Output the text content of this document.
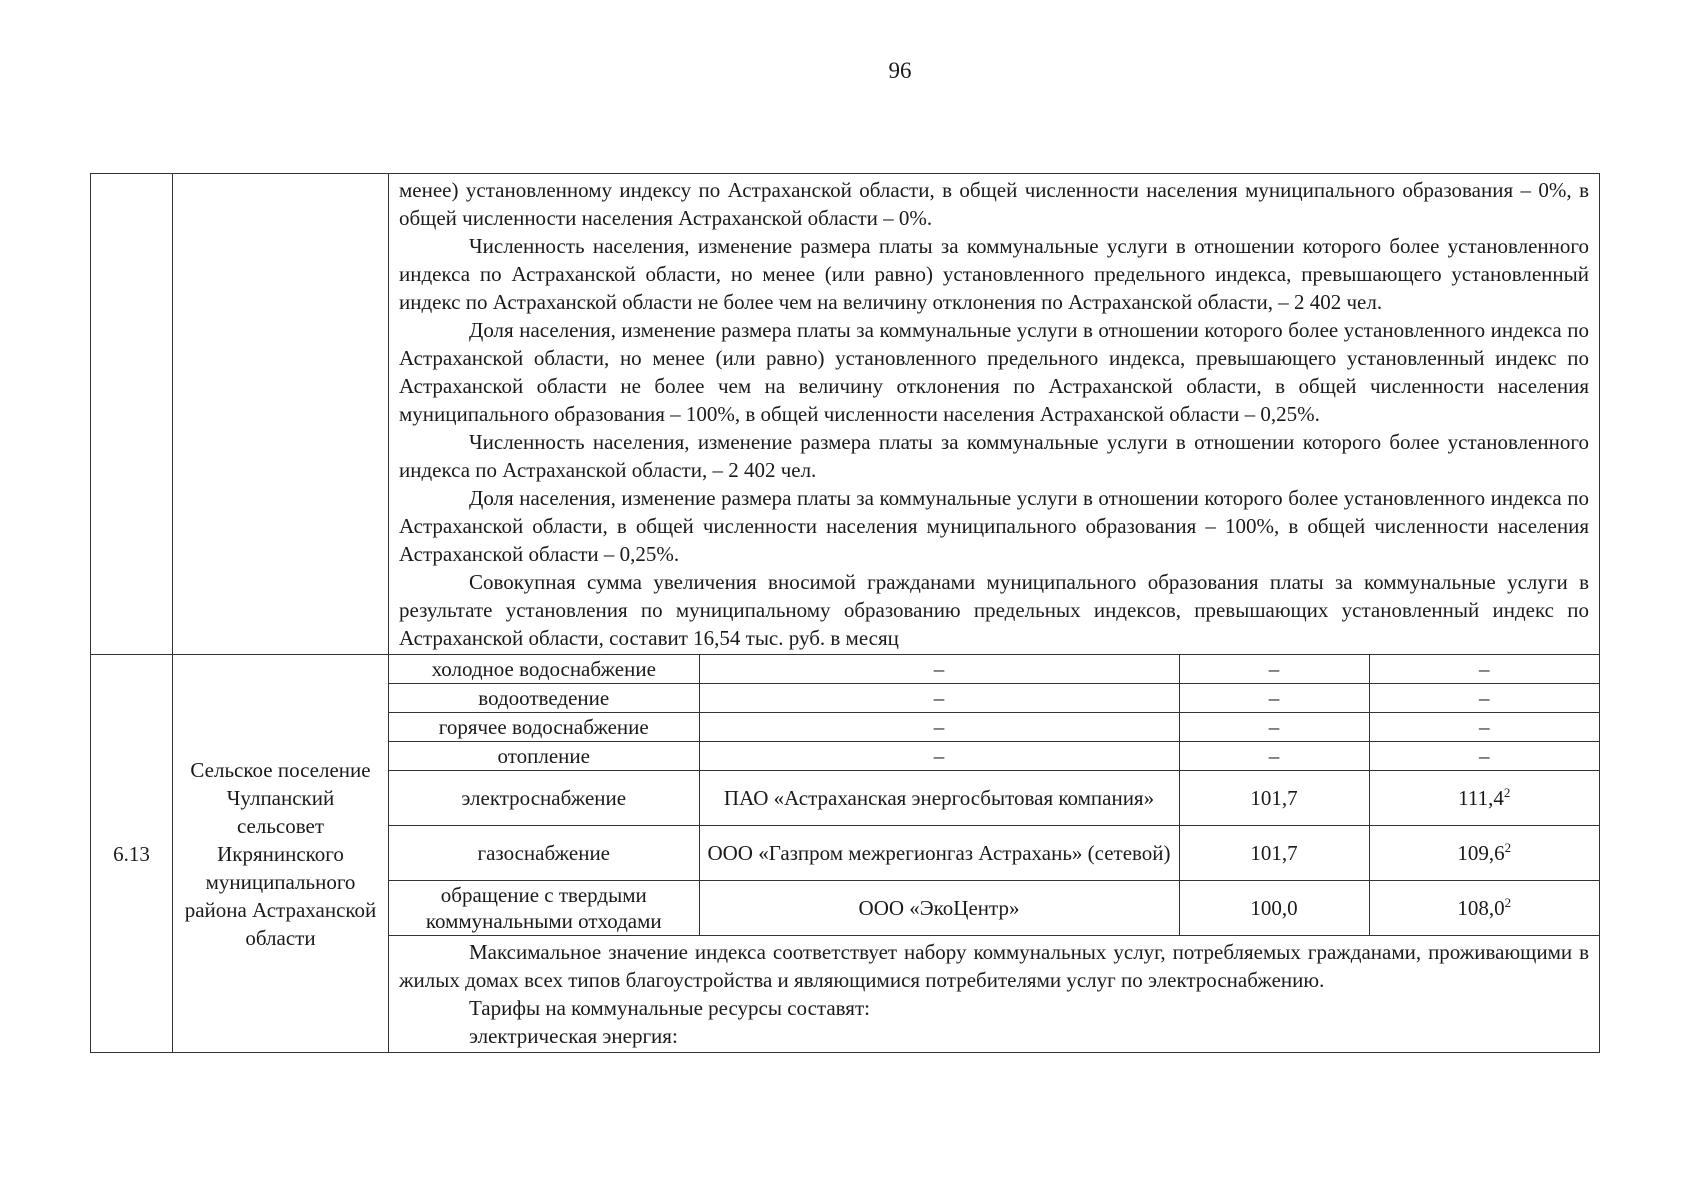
96

менее) установленному индексу по Астраханской области, в общей численности населения муниципального образования – 0%, в общей численности населения Астраханской области – 0%.

Численность населения, изменение размера платы за коммунальные услуги в отношении которого более установленного индекса по Астраханской области, но менее (или равно) установленного предельного индекса, превышающего установленный индекс по Астраханской области не более чем на величину отклонения по Астраханской области, – 2 402 чел.

Доля населения, изменение размера платы за коммунальные услуги в отношении которого более установленного индекса по Астраханской области, но менее (или равно) установленного предельного индекса, превышающего установленный индекс по Астраханской области не более чем на величину отклонения по Астраханской области, в общей численности населения муниципального образования – 100%, в общей численности населения Астраханской области – 0,25%.

Численность населения, изменение размера платы за коммунальные услуги в отношении которого более установленного индекса по Астраханской области, – 2 402 чел.

Доля населения, изменение размера платы за коммунальные услуги в отношении которого более установленного индекса по Астраханской области, в общей численности населения муниципального образования – 100%, в общей численности населения Астраханской области – 0,25%.

Совокупная сумма увеличения вносимой гражданами муниципального образования платы за коммунальные услуги в результате установления по муниципальному образованию предельных индексов, превышающих установленный индекс по Астраханской области, составит 16,54 тыс. руб. в месяц

6.13	Сельское поселение Чулпанский сельсовет Икрянинского муниципального района Астраханской области	
холодное водоснабжение	–	–	–
водоотведение	–	–	–
горячее водоснабжение	–	–	–
отопление	–	–	–
электроснабжение	ПАО «Астраханская энергосбытовая компания»	101,7	111,4$^2$
газоснабжение	ООО «Газпром межрегионгаз Астрахань» (сетевой)	101,7	109,6$^2$
обращение с твердыми коммунальными отходами	ООО «ЭкоЦентр»	100,0	108,0$^2$

Максимальное значение индекса соответствует набору коммунальных услуг, потребляемых гражданами, проживающими в жилых домах всех типов благоустройства и являющимися потребителями услуг по электроснабжению.

Тарифы на коммунальные ресурсы составят:

электрическая энергия:
